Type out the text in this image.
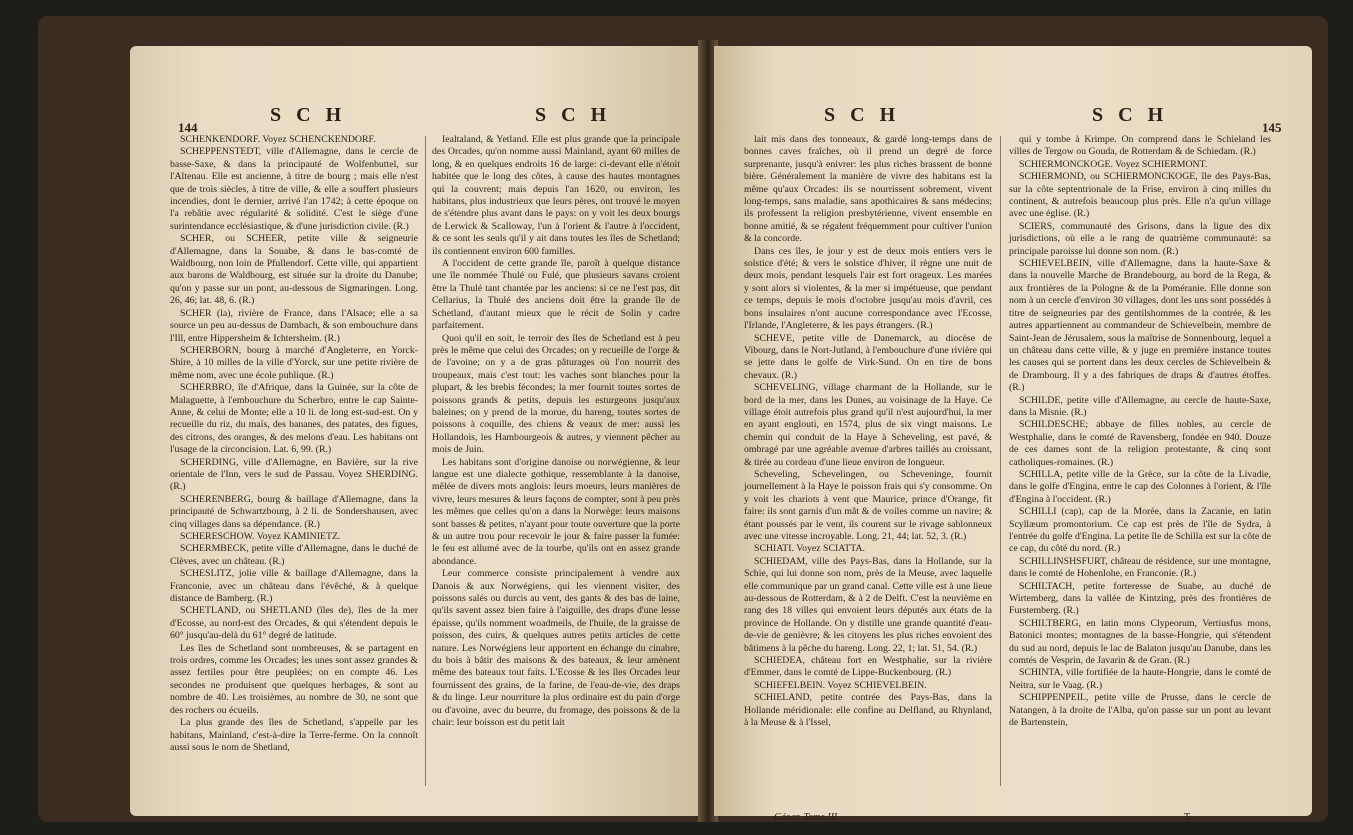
144
S C H	S C H

SCHENKENDORF. Voyez SCHENCKENDORF.

SCHEPPENSTEDT, ville d'Allemagne, dans le cercle de basse-Saxe, & dans la principauté de Wolfenbuttel, sur l'Altenau. Elle est ancienne, à titre de bourg ; mais elle n'est que de trois siècles, à titre de ville, & elle a souffert plusieurs incendies, dont le dernier, arrivé l'an 1742; à cette époque on l'a rebâtie avec régularité & solidité. C'est le siège d'une surintendance ecclésiastique, & d'une jurisdiction civile. (R.)

SCHER, ou SCHEER, petite ville & seigneurie d'Allemagne, dans la Souabe, & dans le bas-comté de Waldbourg, non loin de Pfullendorf. Cette ville, qui appartient aux barons de Waldbourg, est située sur la droite du Danube; qu'on y passe sur un pont, au-dessous de Sigmaringen. Long. 26, 46; lat. 48, 6. (R.)

SCHER (la), rivière de France, dans l'Alsace; elle a sa source un peu au-dessus de Dambach, & son embouchure dans l'Ill, entre Hippersheim & Ichtersheim. (R.)

SCHERBORN, bourg à marché d'Angleterre, en Yorck-Shire, à 10 milles de la ville d'Yorck, sur une petite rivière de même nom, avec une école publique. (R.)

SCHERBRO, île d'Afrique, dans la Guinée, sur la côte de Malaguette, à l'embouchure du Scherbro, entre le cap Sainte-Anne, & celui de Monte; elle a 10 li. de long est-sud-est. On y recueille du riz, du maïs, des bananes, des patates, des figues, des citrons, des oranges, & des melons d'eau. Les habitans ont l'usage de la circoncision. Lat. 6, 99. (R.)

SCHERDING, ville d'Allemagne, en Bavière, sur la rive orientale de l'Inn, vers le sud de Passau. Voyez SHERDING. (R.)

SCHERENBERG, bourg & baillage d'Allemagne, dans la principauté de Schwartzbourg, à 2 li. de Sondershausen, avec cinq villages dans sa dépendance. (R.)

SCHERESCHOW. Voyez KAMINIETZ.

SCHERMBECK, petite ville d'Allemagne, dans le duché de Clèves, avec un château. (R.)

SCHESLITZ, jolie ville & baillage d'Allemagne, dans la Franconie, avec un château dans l'évêché, & à quelque distance de Bamberg. (R.)

SCHETLAND, ou SHETLAND (îles de), îles de la mer d'Ecosse, au nord-est des Orcades, & qui s'étendent depuis le 60° jusqu'au-delà du 61° degré de latitude.

Les îles de Schetland sont nombreuses, & se partagent en trois ordres, comme les Orcades; les unes sont assez grandes & assez fertiles pour être peuplées; on en compte 46. Les secondes ne produisent que quelques herbages, & sont au nombre de 40. Les troisièmes, au nombre de 30, ne sont que des rochers ou écueils.

La plus grande des îles de Schetland, s'appelle par les habitans, Mainland, c'est-à-dire la Terre-ferme. On la connoît aussi sous le nom de Shetland,

Iealtaland, & Yetland. Elle est plus grande que la principale des Orcades, qu'on nomme aussi Mainland, ayant 60 milles de long, & en quelques endroits 16 de large: ci-devant elle n'étoit habitée que le long des côtes, à cause des hautes montagnes qui la couvrent; mais depuis l'an 1620, ou environ, les habitans, plus industrieux que leurs pères, ont trouvé le moyen de s'étendre plus avant dans le pays: on y voit les deux bourgs de Lerwick & Scalloway, l'un à l'orient & l'autre à l'occident, & ce sont les seuls qu'il y ait dans toutes les îles de Schetland; ils contiennent environ 600 familles.

A l'occident de cette grande île, paroît à quelque distance une île nommée Thulé ou Fulé, que plusieurs savans croient être la Thulé tant chantée par les anciens: si ce ne l'est pas, dit Cellarius, la Thulé des anciens doit être la grande île de Schetland, d'autant mieux que le récit de Solin y cadre parfaitement.

Quoi qu'il en soit, le terroir des îles de Schetland est à peu près le même que celui des Orcades; on y recueille de l'orge & de l'avoine; on y a de gras pâturages où l'on nourrit des troupeaux, mais c'est tout: les vaches sont blanches pour la plupart, & les brebis fécondes; la mer fournit toutes sortes de poissons grands & petits, depuis les esturgeons jusqu'aux baleines; on y prend de la morue, du hareng, toutes sortes de poissons à coquille, des chiens & veaux de mer: aussi les Hollandois, les Hambourgeois & autres, y viennent pêcher au mois de Juin.

Les habitans sont d'origine danoise ou norwégienne, & leur langue est une dialecte gothique, ressemblante à la danoise, mêlée de divers mots anglois: leurs moeurs, leurs manières de vivre, leurs mesures & leurs façons de compter, sont à peu près les mêmes que celles qu'on a dans la Norwège: leurs maisons sont basses & petites, n'ayant pour toute ouverture que la porte & un autre trou pour recevoir le jour & faire passer la fumée: le feu est allumé avec de la tourbe, qu'ils ont en assez grande abondance.

Leur commerce consiste principalement à vendre aux Danois & aux Norwégiens, qui les viennent visiter, des poissons salés ou durcis au vent, des gants & des bas de laine, qu'ils savent assez bien faire à l'aiguille, des draps d'une lesse épaisse, qu'ils nomment woadmeils, de l'huile, de la graisse de poisson, des cuirs, & quelques autres petits articles de cette nature. Les Norwégiens leur apportent en échange du cinabre, du bois à bâtir des maisons & des bateaux, & leur amènent même des bateaux tout faits. L'Ecosse & les îles Orcades leur fournissent des grains, de la farine, de l'eau-de-vie, des draps & du linge. Leur nourriture la plus ordinaire est du pain d'orge ou d'avoine, avec du beurre, du fromage, des poissons & de la chair: leur boisson est du petit lait

S C H	S C H
145

lait mis dans des tonneaux, & gardé long-temps dans de bonnes caves fraîches, où il prend un degré de force surprenante, jusqu'à enivrer: les plus riches brassent de bonne bière. Généralement la manière de vivre des habitans est la même qu'aux Orcades: ils se nourrissent sobrement, vivent long-temps, sans maladie, sans apothicaires & sans médecins; ils professent la religion presbytérienne, vivent ensemble en bonne amitié, & se régalent fréquemment pour cultiver l'union & la concorde.

Dans ces îles, le jour y est de deux mois entiers vers le solstice d'été; & vers le solstice d'hiver, il règne une nuit de deux mois, pendant lesquels l'air est fort orageux. Les marées y sont alors si violentes, & la mer si impétueuse, que pendant ce temps, depuis le mois d'octobre jusqu'au mois d'avril, ces bons insulaires n'ont aucune correspondance avec l'Ecosse, l'Irlande, l'Angleterre, & les pays étrangers. (R.)

SCHEVE, petite ville de Danemarck, au diocèse de Vibourg, dans le Nort-Jutland, à l'embouchure d'une rivière qui se jette dans le golfe de Virk-Sund. On en tire de bons chevaux. (R.)

SCHEVELING, village charmant de la Hollande, sur le bord de la mer, dans les Dunes, au voisinage de la Haye. Ce village étoit autrefois plus grand qu'il n'est aujourd'hui, la mer en ayant englouti, en 1574, plus de six vingt maisons. Le chemin qui conduit de la Haye à Scheveling, est pavé, & ombragé par une agréable avenue d'arbres taillés au croissant, & tirée au cordeau d'une lieue environ de longueur.

Scheveling, Schevelingen, ou Scheveninge, fournit journellement à la Haye le poisson frais qui s'y consomme. On y voit les chariots à vent que Maurice, prince d'Orange, fit faire: ils sont garnis d'un mât & de voiles comme un navire; & étant poussés par le vent, ils courent sur le rivage sablonneux avec une vitesse incroyable. Long. 21, 44; lat. 52, 3. (R.)

SCHIATI. Voyez SCIATTA.

SCHIEDAM, ville des Pays-Bas, dans la Hollande, sur la Schie, qui lui donne son nom, près de la Meuse, avec laquelle elle communique par un grand canal. Cette ville est à une lieue au-dessous de Rotterdam, & à 2 de Delft. C'est la neuvième en rang des 18 villes qui envoient leurs députés aux états de la province de Hollande. On y distille une grande quantité d'eau-de-vie de genièvre; & les citoyens les plus riches envoient des bâtimens à la pêche du hareng. Long. 22, 1; lat. 51, 54. (R.)

SCHIEDEA, château fort en Westphalie, sur la rivière d'Emmer, dans le comté de Lippe-Buckenbourg. (R.)

SCHIEFELBEIN. Voyez SCHIEVELBEIN.

SCHIELAND, petite contrée des Pays-Bas, dans la Hollande méridionale: elle confine au Delfland, au Rhynland, à la Meuse & à l'Issel,

qui y tombe à Krimpe. On comprend dans le Schieland les villes de Tergow ou Gouda, de Rotterdam & de Schiedam. (R.)

SCHIERMONCKOGE. Voyez SCHIERMONT.

SCHIERMOND, ou SCHIERMONCKOGE, île des Pays-Bas, sur la côte septentrionale de la Frise, environ à cinq milles du continent, & autrefois beaucoup plus près. Elle n'a qu'un village avec une église. (R.)

SCIERS, communauté des Grisons, dans la ligue des dix jurisdictions, où elle a le rang de quatrième communauté: sa principale paroisse lui donne son nom. (R.)

SCHIEVELBEIN, ville d'Allemagne, dans la haute-Saxe & dans la nouvelle Marche de Brandebourg, au bord de la Rega, & aux frontières de la Pologne & de la Poméranie. Elle donne son nom à un cercle d'environ 30 villages, dont les uns sont possédés à titre de seigneuries par des gentilshommes de la contrée, & les autres appartiennent au commandeur de Schievelbein, membre de Saint-Jean de Jérusalem, sous la maîtrise de Sonnenbourg, lequel a un château dans cette ville, & y juge en première instance toutes les causes qui se portent dans les deux cercles de Schievelbein & de Drambourg. Il y a des fabriques de draps & d'autres étoffes. (R.)

SCHILDE, petite ville d'Allemagne, au cercle de haute-Saxe, dans la Misnie. (R.)

SCHILDESCHE; abbaye de filles nobles, au cercle de Westphalie, dans le comté de Ravensberg, fondée en 940. Douze de ces dames sont de la religion protestante, & cinq sont catholiques-romaines. (R.)

SCHILLA, petite ville de la Grèce, sur la côte de la Livadie, dans le golfe d'Engina, entre le cap des Colonnes à l'orient, & l'île d'Engina à l'occident. (R.)

SCHILLI (cap), cap de la Morée, dans la Zacanie, en latin Scyllæum promontorium. Ce cap est près de l'île de Sydra, à l'entrée du golfe d'Engina. La petite île de Schilla est sur la côte de ce cap, du côté du nord. (R.)

SCHILLINSHSFURT, château de résidence, sur une montagne, dans le comté de Hohenlohe, en Franconie. (R.)

SCHILTACH, petite forteresse de Suabe, au duché de Wirtemberg, dans la vallée de Kintzing, près des frontières de Furstemberg. (R.)

SCHILTBERG, en latin mons Clypeorum, Vertiusfus mons, Batonici montes; montagnes de la basse-Hongrie, qui s'étendent du sud au nord, depuis le lac de Balaton jusqu'au Danube, dans les comtés de Vesprin, de Javarin & de Gran. (R.)

SCHINTA, ville fortifiée de la haute-Hongrie, dans le comté de Neitra, sur le Vaag. (R.)

SCHIPPENPEIL, petite ville de Prusse, dans le cercle de Natangen, à la droite de l'Alba, qu'on passe sur un pont au levant de Bartenstein,

Géogr. Tome III.	T
